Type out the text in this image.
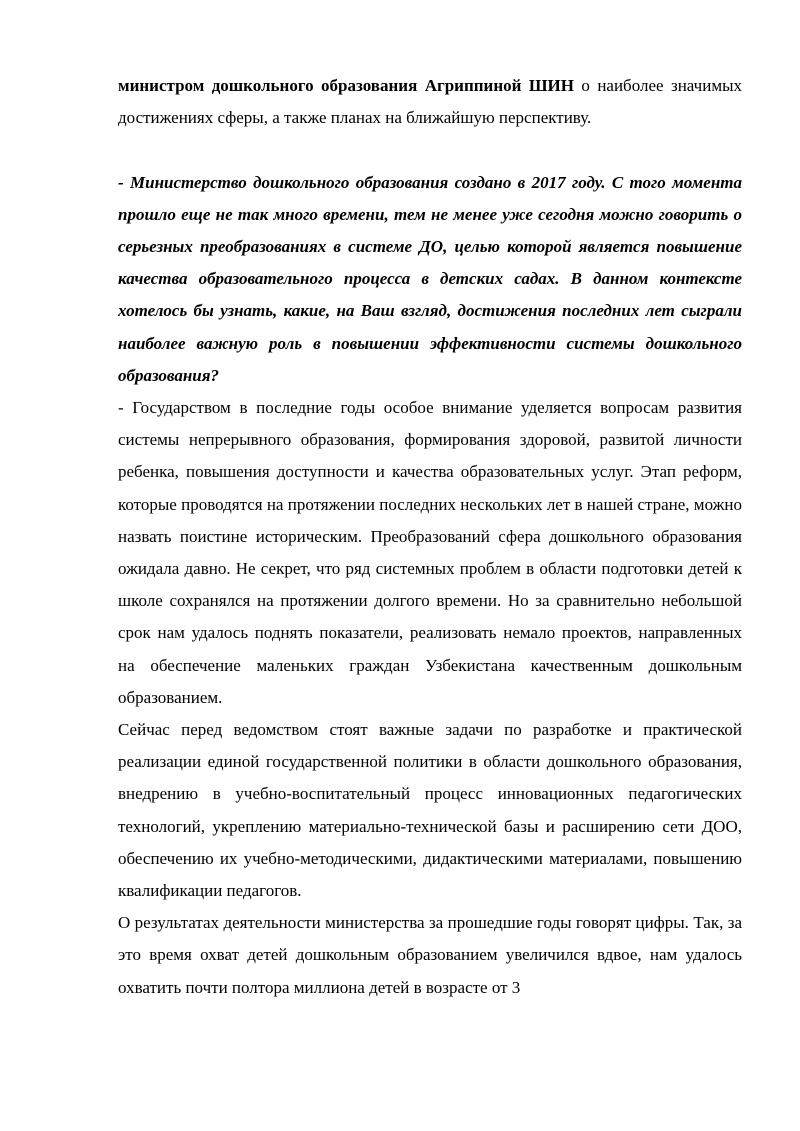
министром дошкольного образования Агриппиной ШИН о наиболее значимых достижениях сферы, а также планах на ближайшую перспективу.

- Министерство дошкольного образования создано в 2017 году. С того момента прошло еще не так много времени, тем не менее уже сегодня можно говорить о серьезных преобразованиях в системе ДО, целью которой является повышение качества образовательного процесса в детских садах. В данном контексте хотелось бы узнать, какие, на Ваш взгляд, достижения последних лет сыграли наиболее важную роль в повышении эффективности системы дошкольного образования?

- Государством в последние годы особое внимание уделяется вопросам развития системы непрерывного образования, формирования здоровой, развитой личности ребенка, повышения доступности и качества образовательных услуг. Этап реформ, которые проводятся на протяжении последних нескольких лет в нашей стране, можно назвать поистине историческим. Преобразований сфера дошкольного образования ожидала давно. Не секрет, что ряд системных проблем в области подготовки детей к школе сохранялся на протяжении долгого времени. Но за сравнительно небольшой срок нам удалось поднять показатели, реализовать немало проектов, направленных на обеспечение маленьких граждан Узбекистана качественным дошкольным образованием.

Сейчас перед ведомством стоят важные задачи по разработке и практической реализации единой государственной политики в области дошкольного образования, внедрению в учебно-воспитательный процесс инновационных педагогических технологий, укреплению материально-технической базы и расширению сети ДОО, обеспечению их учебно-методическими, дидактическими материалами, повышению квалификации педагогов.

О результатах деятельности министерства за прошедшие годы говорят цифры. Так, за это время охват детей дошкольным образованием увеличился вдвое, нам удалось охватить почти полтора миллиона детей в возрасте от 3
